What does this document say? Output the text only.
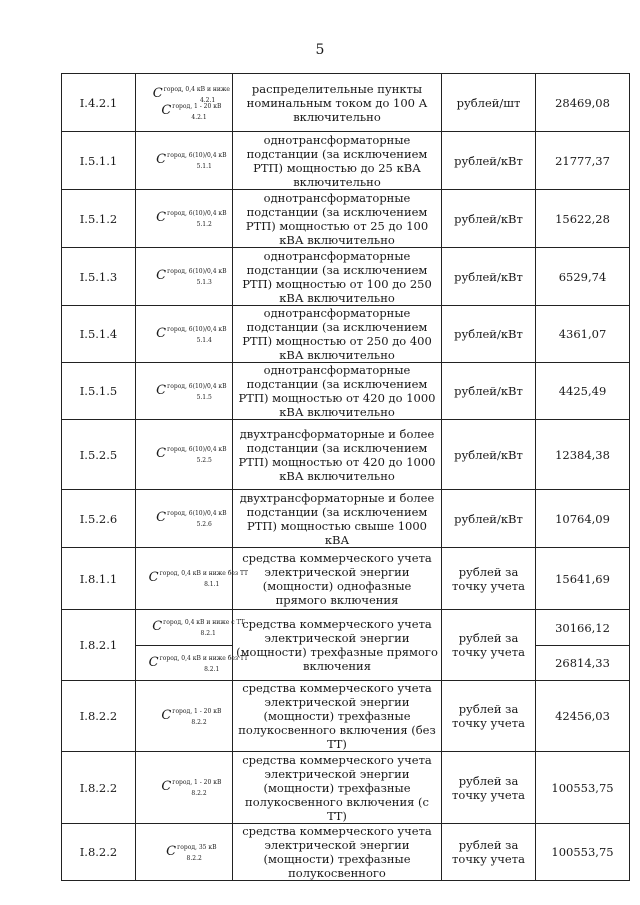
5
I.4.2.1	$C^{город, 0,4 кВ и ниже}_{4.2.1}C^{город, 1 - 20 кВ}_{4.2.1}$	распределительные пункты номинальным током до 100 А включительно	рублей/шт	28469,08
I.5.1.1	$C^{город, 6(10)/0,4 кВ}_{5.1.1}$	однотрансформаторные подстанции (за исключением РТП) мощностью до 25 кВА включительно	рублей/кВт	21777,37
I.5.1.2	$C^{город, 6(10)/0,4 кВ}_{5.1.2}$	однотрансформаторные подстанции (за исключением РТП) мощностью от 25 до 100 кВА включительно	рублей/кВт	15622,28
I.5.1.3	$C^{город, 6(10)/0,4 кВ}_{5.1.3}$	однотрансформаторные подстанции (за исключением РТП) мощностью от 100 до 250 кВА включительно	рублей/кВт	6529,74
I.5.1.4	$C^{город, 6(10)/0,4 кВ}_{5.1.4}$	однотрансформаторные подстанции (за исключением РТП) мощностью от 250 до 400 кВА включительно	рублей/кВт	4361,07
I.5.1.5	$C^{город, 6(10)/0,4 кВ}_{5.1.5}$	однотрансформаторные подстанции (за исключением РТП) мощностью от 420 до 1000 кВА включительно	рублей/кВт	4425,49
I.5.2.5	$C^{город, 6(10)/0,4 кВ}_{5.2.5}$	двухтрансформаторные и более подстанции (за исключением РТП) мощностью от 420 до 1000 кВА включительно	рублей/кВт	12384,38
I.5.2.6	$C^{город, 6(10)/0,4 кВ}_{5.2.6}$	двухтрансформаторные и более подстанции (за исключением РТП) мощностью свыше 1000 кВА	рублей/кВт	10764,09
I.8.1.1	$C^{город, 0,4 кВ и ниже без ТТ}_{8.1.1}$	средства коммерческого учета электрической энергии (мощности) однофазные прямого включения	рублей за точку учета	15641,69
I.8.2.1	$C^{город, 0,4 кВ и ниже с ТТ}_{8.2.1}$	средства коммерческого учета электрической энергии (мощности) трехфазные прямого включения	рублей за точку учета	30166,12
	$C^{город, 0,4 кВ и ниже без ТТ}_{8.2.1}$			26814,33
I.8.2.2	$C^{город, 1 - 20 кВ}_{8.2.2}$	средства коммерческого учета электрической энергии (мощности) трехфазные полукосвенного включения (без ТТ)	рублей за точку учета	42456,03
I.8.2.2	$C^{город, 1 - 20 кВ}_{8.2.2}$	средства коммерческого учета электрической энергии (мощности) трехфазные полукосвенного включения (с ТТ)	рублей за точку учета	100553,75
I.8.2.2	$C^{город, 35 кВ}_{8.2.2}$	средства коммерческого учета электрической энергии (мощности) трехфазные полукосвенного	рублей за точку учета	100553,75
